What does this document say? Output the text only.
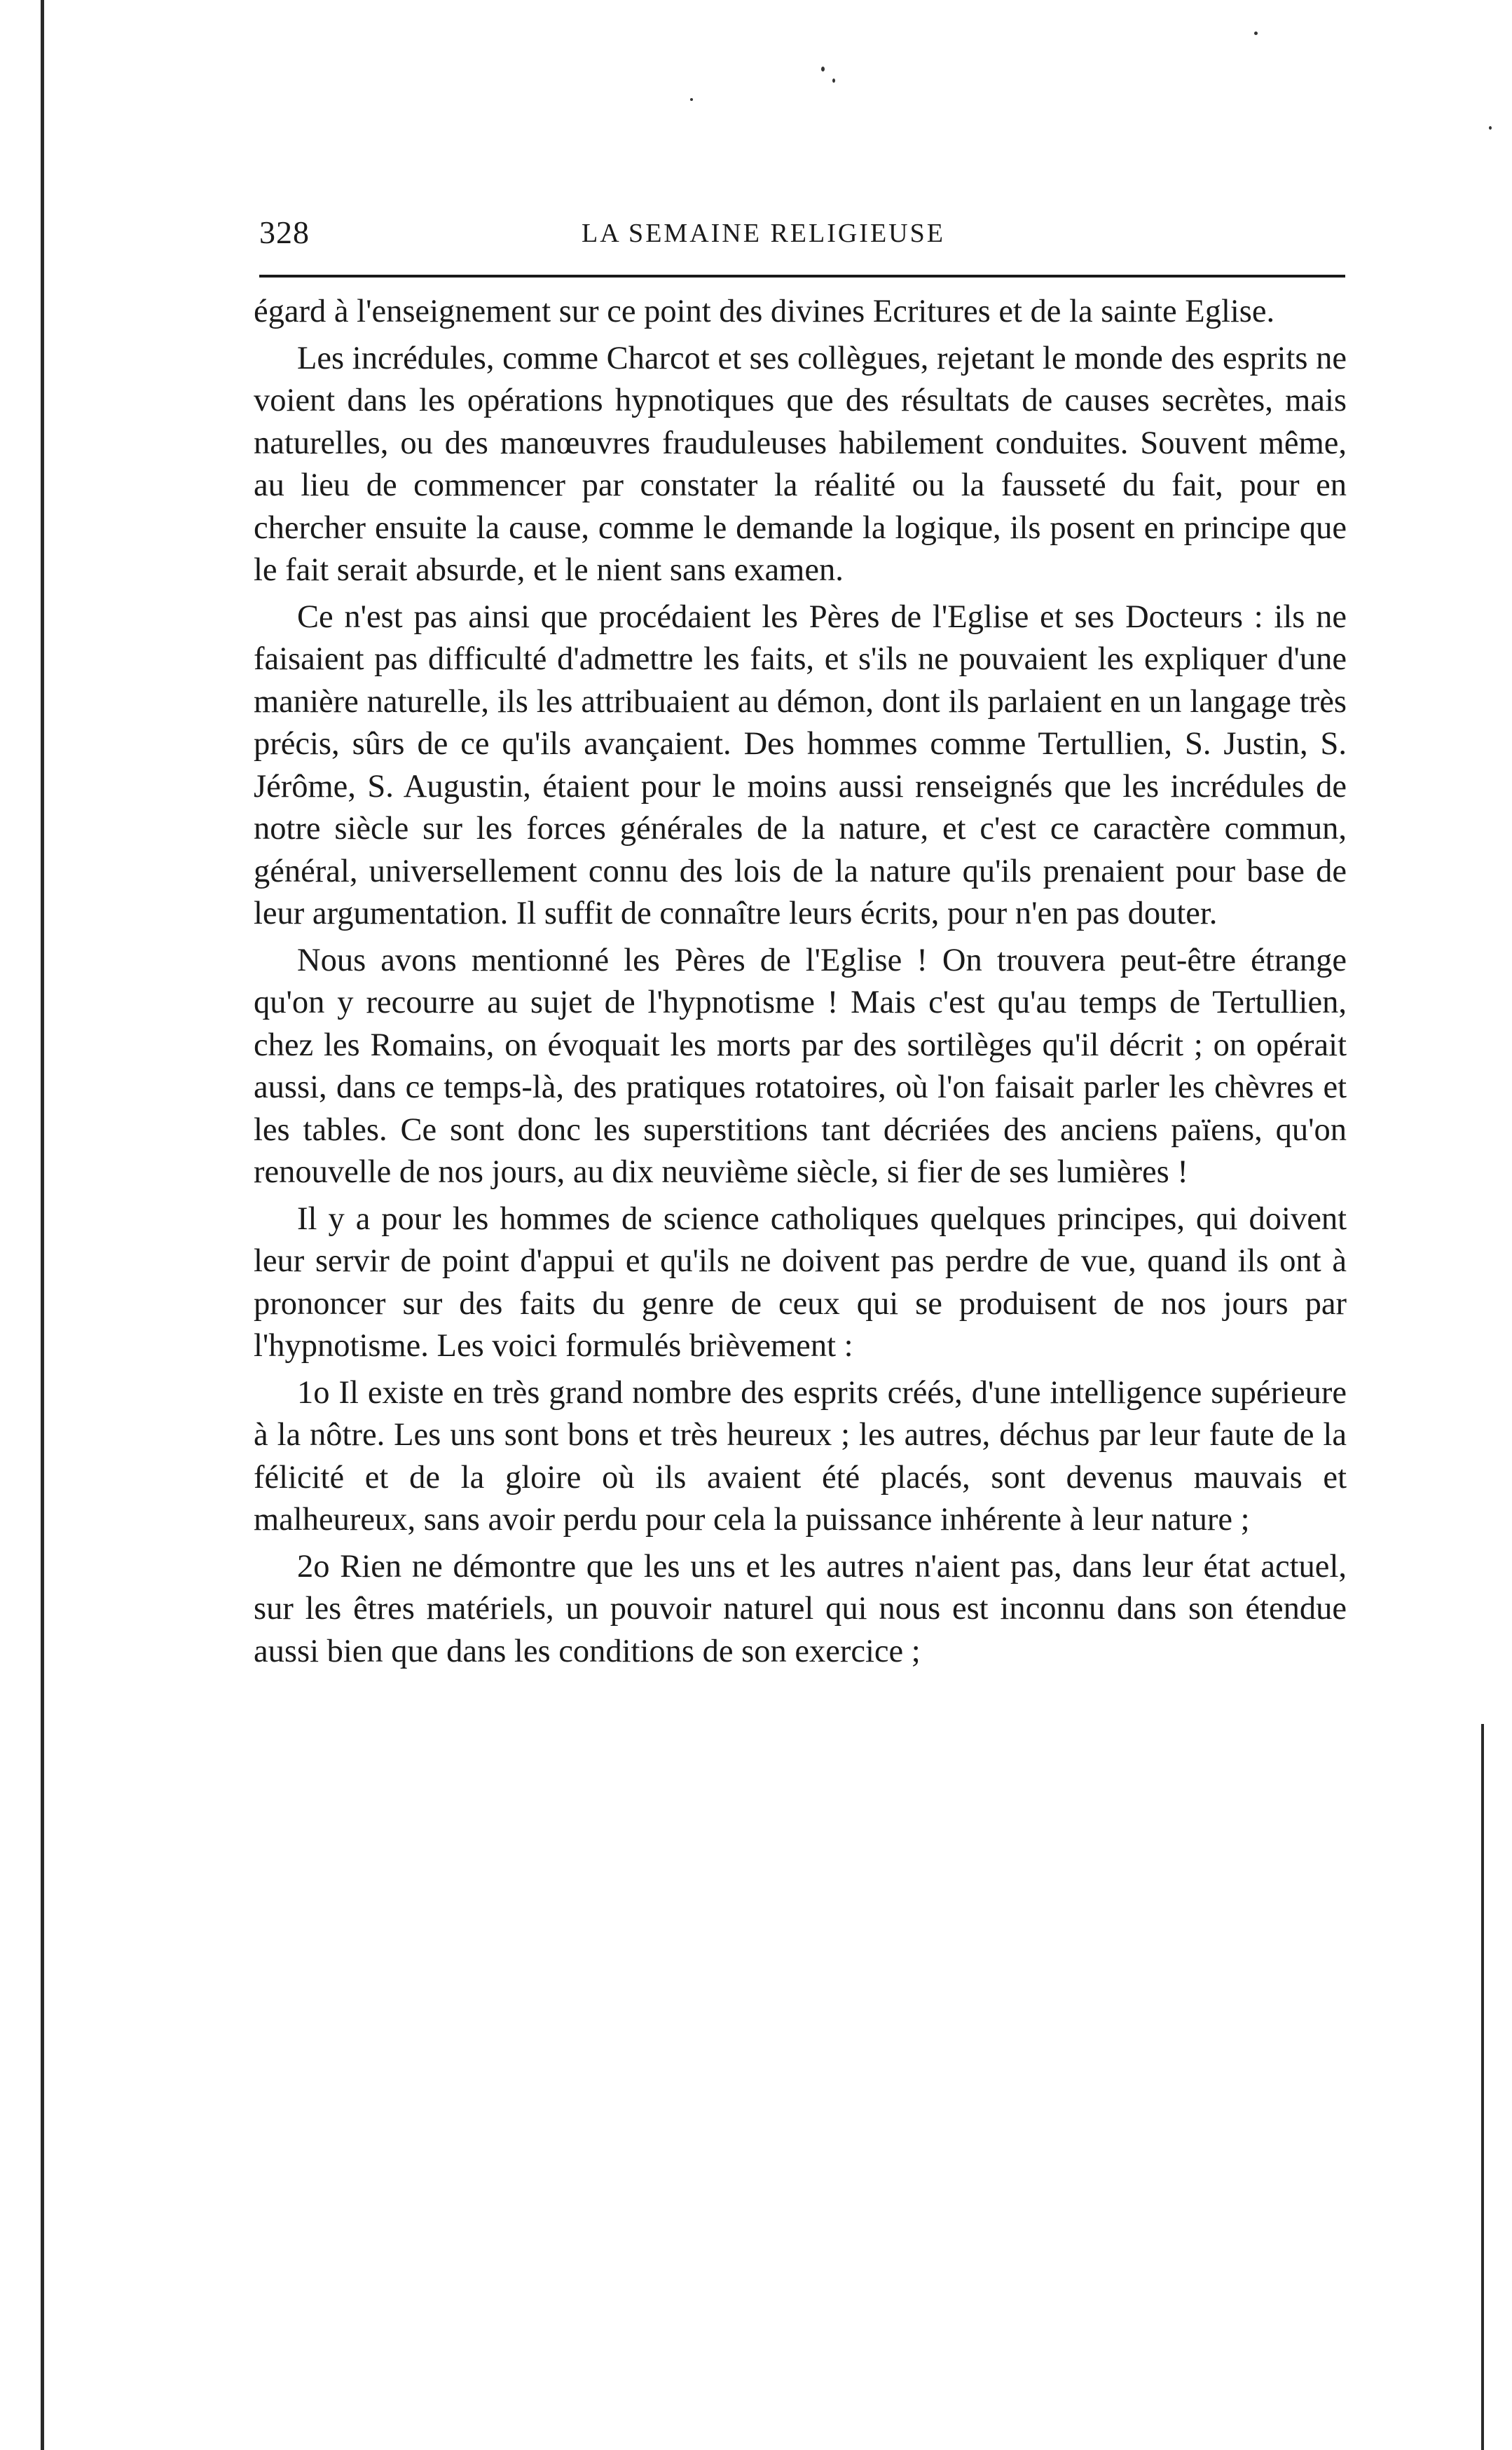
328	LA SEMAINE RELIGIEUSE

égard à l'enseignement sur ce point des divines Ecritures et de la sainte Eglise.

Les incrédules, comme Charcot et ses collègues, rejetant le monde des esprits ne voient dans les opérations hypnotiques que des résultats de causes secrètes, mais naturelles, ou des manœuvres frauduleuses habilement conduites. Souvent même, au lieu de commencer par constater la réalité ou la fausseté du fait, pour en chercher ensuite la cause, comme le demande la logique, ils posent en principe que le fait serait absurde, et le nient sans examen.

Ce n'est pas ainsi que procédaient les Pères de l'Eglise et ses Docteurs : ils ne faisaient pas difficulté d'admettre les faits, et s'ils ne pouvaient les expliquer d'une manière naturelle, ils les attribuaient au démon, dont ils parlaient en un langage très précis, sûrs de ce qu'ils avançaient. Des hommes comme Tertullien, S. Justin, S. Jérôme, S. Augustin, étaient pour le moins aussi renseignés que les incrédules de notre siècle sur les forces générales de la nature, et c'est ce caractère commun, général, universellement connu des lois de la nature qu'ils prenaient pour base de leur argumentation. Il suffit de connaître leurs écrits, pour n'en pas douter.

Nous avons mentionné les Pères de l'Eglise ! On trouvera peut-être étrange qu'on y recourre au sujet de l'hypnotisme ! Mais c'est qu'au temps de Tertullien, chez les Romains, on évoquait les morts par des sortilèges qu'il décrit ; on opérait aussi, dans ce temps-là, des pratiques rotatoires, où l'on faisait parler les chèvres et les tables. Ce sont donc les superstitions tant décriées des anciens païens, qu'on renouvelle de nos jours, au dix neuvième siècle, si fier de ses lumières !

Il y a pour les hommes de science catholiques quelques principes, qui doivent leur servir de point d'appui et qu'ils ne doivent pas perdre de vue, quand ils ont à prononcer sur des faits du genre de ceux qui se produisent de nos jours par l'hypnotisme. Les voici formulés brièvement :

1o Il existe en très grand nombre des esprits créés, d'une intelligence supérieure à la nôtre. Les uns sont bons et très heureux ; les autres, déchus par leur faute de la félicité et de la gloire où ils avaient été placés, sont devenus mauvais et malheureux, sans avoir perdu pour cela la puissance inhérente à leur nature ;

2o Rien ne démontre que les uns et les autres n'aient pas, dans leur état actuel, sur les êtres matériels, un pouvoir naturel qui nous est inconnu dans son étendue aussi bien que dans les conditions de son exercice ;
